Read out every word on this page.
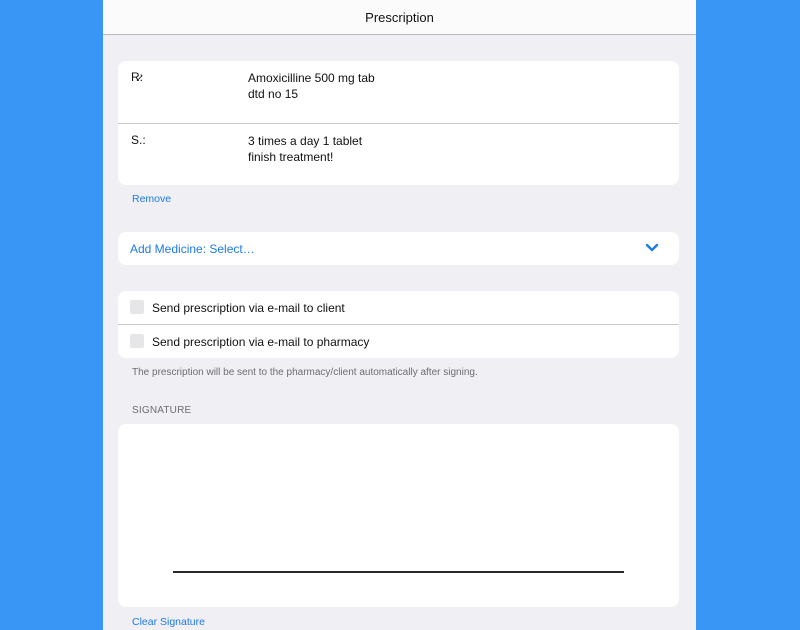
Prescription
R̷:	Amoxicilline 500 mg tab
dtd no 15
S.:	3 times a day 1 tablet
finish treatment!
Remove
Add Medicine: Select…
Send prescription via e-mail to client
Send prescription via e-mail to pharmacy
The prescription will be sent to the pharmacy/client automatically after signing.
SIGNATURE
Clear Signature
